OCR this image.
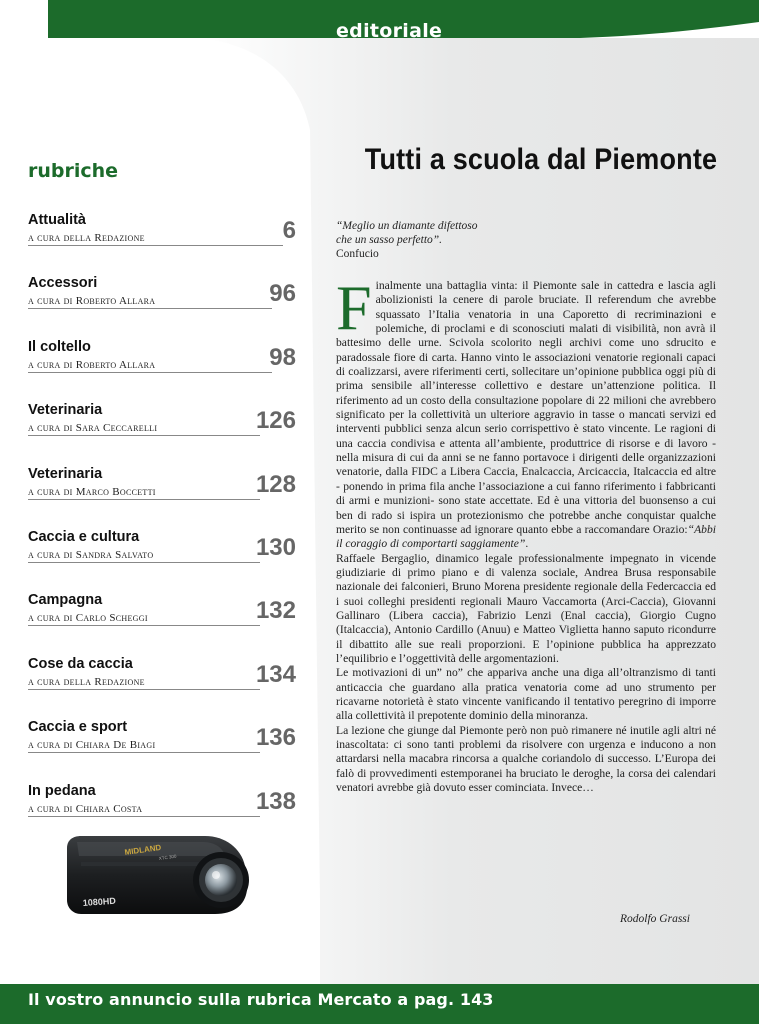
editoriale
rubriche
Attualità
a cura della Redazione	6
Accessori
a cura di Roberto Allara	96
Il coltello
a cura di Roberto Allara	98
Veterinaria
a cura di Sara Ceccarelli	126
Veterinaria
a cura di Marco Boccetti	128
Caccia e cultura
a cura di Sandra Salvato	130
Campagna
a cura di Carlo Scheggi	132
Cose da caccia
a cura della Redazione	134
Caccia e sport
a cura di Chiara De Biagi	136
In pedana
a cura di Chiara Costa	138
MIDLAND
XTC 300
1080HD
Tutti a scuola dal Piemonte
“Meglio un diamante difettoso
che un sasso perfetto”.
Confucio

Finalmente una battaglia vinta: il Piemonte sale in cattedra e lascia agli abolizionisti la cenere di parole bruciate. Il referendum che avrebbe squassato l’Italia venatoria in una Caporetto di recriminazioni e polemiche, di proclami e di sconosciuti malati di visibilità, non avrà il battesimo delle urne. Scivola scolorito negli archivi come uno sdrucito e paradossale fiore di carta. Hanno vinto le associazioni venatorie regionali capaci di coalizzarsi, avere riferimenti certi, sollecitare un’opinione pubblica oggi più di prima sensibile all’interesse collettivo e destare un’attenzione politica. Il riferimento ad un costo della consultazione popolare di 22 milioni che avrebbero significato per la collettività un ulteriore aggravio in tasse o mancati servizi ed interventi pubblici senza alcun serio corrispettivo è stato vincente. Le ragioni di una caccia condivisa e attenta all’ambiente, produttrice di risorse e di lavoro - nella misura di cui da anni se ne fanno portavoce i dirigenti delle organizzazioni venatorie, dalla FIDC a Libera Caccia, Enalcaccia, Arcicaccia, Italcaccia ed altre - ponendo in prima fila anche l’associazione a cui fanno riferimento i fabbricanti di armi e munizioni- sono state accettate. Ed è una vittoria del buonsenso a cui ben di rado si ispira un protezionismo che potrebbe anche conquistar qualche merito se non continuasse ad ignorare quanto ebbe a raccomandare Orazio:“Abbi il coraggio di comportarti saggiamente”.

Raffaele Bergaglio, dinamico legale professionalmente impegnato in vicende giudiziarie di primo piano e di valenza sociale, Andrea Brusa responsabile nazionale dei falconieri, Bruno Morena presidente regionale della Federcaccia ed i suoi colleghi presidenti regionali Mauro Vaccamorta (Arci-Caccia), Giovanni Gallinaro (Libera caccia), Fabrizio Lenzi (Enal caccia), Giorgio Cugno (Italcaccia), Antonio Cardillo (Anuu) e Matteo Viglietta hanno saputo ricondurre il dibattito alle sue reali proporzioni. E l’opinione pubblica ha apprezzato l’equilibrio e l’oggettività delle argomentazioni.

Le motivazioni di un” no” che appariva anche una diga all’oltranzismo di tanti anticaccia che guardano alla pratica venatoria come ad uno strumento per ricavarne notorietà è stato vincente vanificando il tentativo peregrino di imporre alla collettività il prepotente dominio della minoranza.

La lezione che giunge dal Piemonte però non può rimanere né inutile agli altri né inascoltata: ci sono tanti problemi da risolvere con urgenza e inducono a non attardarsi nella macabra rincorsa a qualche coriandolo di successo. L’Europa dei falò di provvedimenti estemporanei ha bruciato le deroghe, la corsa dei calendari venatori avrebbe già dovuto esser cominciata. Invece…

Rodolfo Grassi
Il vostro annuncio sulla rubrica Mercato a pag. 143
